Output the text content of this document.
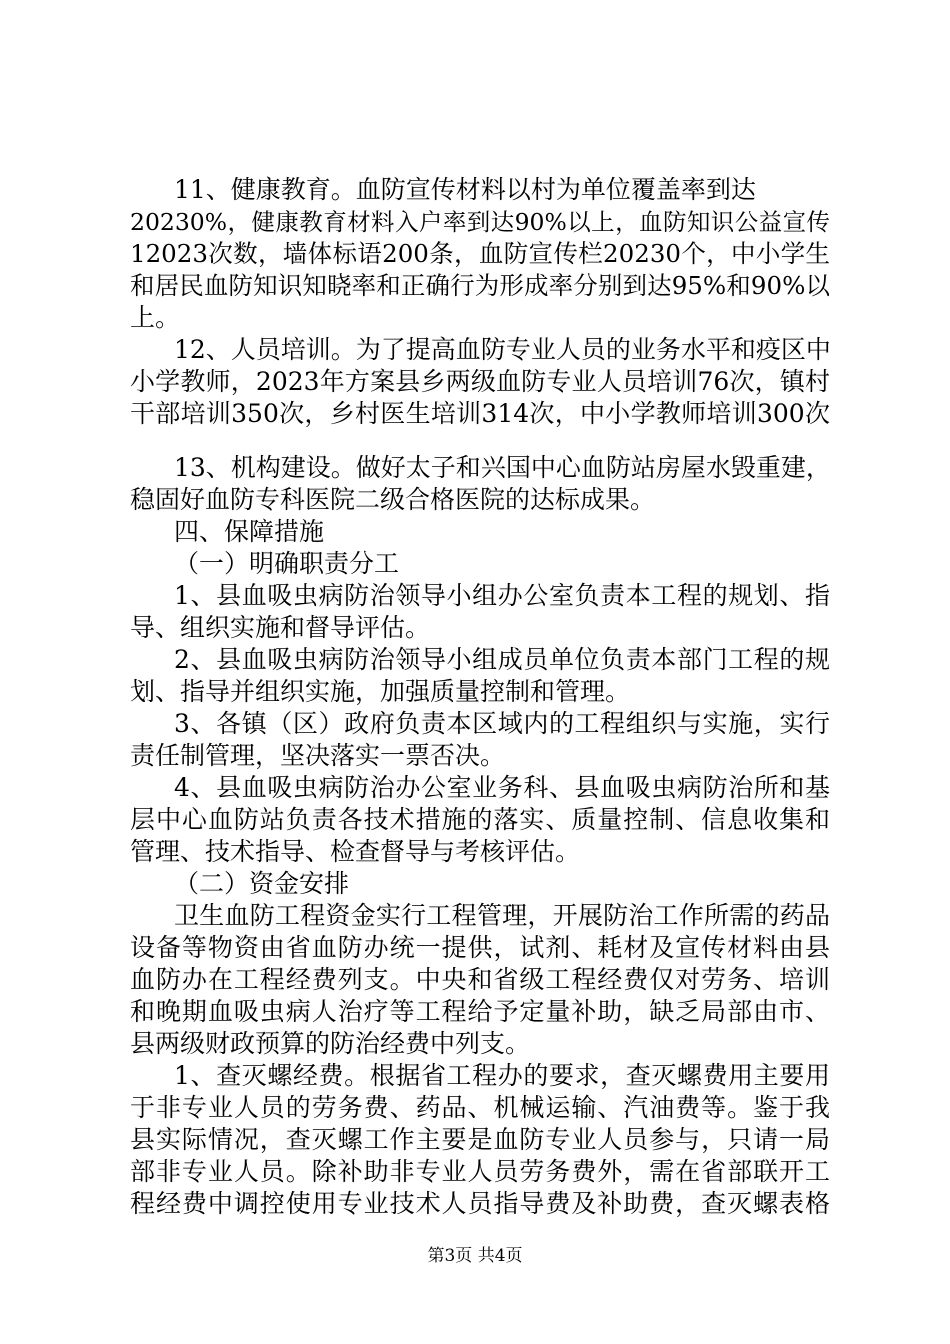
11、健康教育。血防宣传材料以村为单位覆盖率到达
20230%，健康教育材料入户率到达90%以上，血防知识公益宣传
12023次数，墙体标语200条，血防宣传栏20230个，中小学生
和居民血防知识知晓率和正确行为形成率分别到达95%和90%以
上。
12、人员培训。为了提高血防专业人员的业务水平和疫区中
小学教师，2023年方案县乡两级血防专业人员培训76次，镇村
干部培训350次，乡村医生培训314次，中小学教师培训300次
13、机构建设。做好太子和兴国中心血防站房屋水毁重建，
稳固好血防专科医院二级合格医院的达标成果。
四、保障措施
（一）明确职责分工
1、县血吸虫病防治领导小组办公室负责本工程的规划、指
导、组织实施和督导评估。
2、县血吸虫病防治领导小组成员单位负责本部门工程的规
划、指导并组织实施，加强质量控制和管理。
3、各镇（区）政府负责本区域内的工程组织与实施，实行
责任制管理，坚决落实一票否决。
4、县血吸虫病防治办公室业务科、县血吸虫病防治所和基
层中心血防站负责各技术措施的落实、质量控制、信息收集和
管理、技术指导、检查督导与考核评估。
（二）资金安排
卫生血防工程资金实行工程管理，开展防治工作所需的药品
设备等物资由省血防办统一提供，试剂、耗材及宣传材料由县
血防办在工程经费列支。中央和省级工程经费仅对劳务、培训
和晚期血吸虫病人治疗等工程给予定量补助，缺乏局部由市、
县两级财政预算的防治经费中列支。
1、查灭螺经费。根据省工程办的要求，查灭螺费用主要用
于非专业人员的劳务费、药品、机械运输、汽油费等。鉴于我
县实际情况，查灭螺工作主要是血防专业人员参与，只请一局
部非专业人员。除补助非专业人员劳务费外，需在省部联开工
程经费中调控使用专业技术人员指导费及补助费，查灭螺表格
第3页 共4页
